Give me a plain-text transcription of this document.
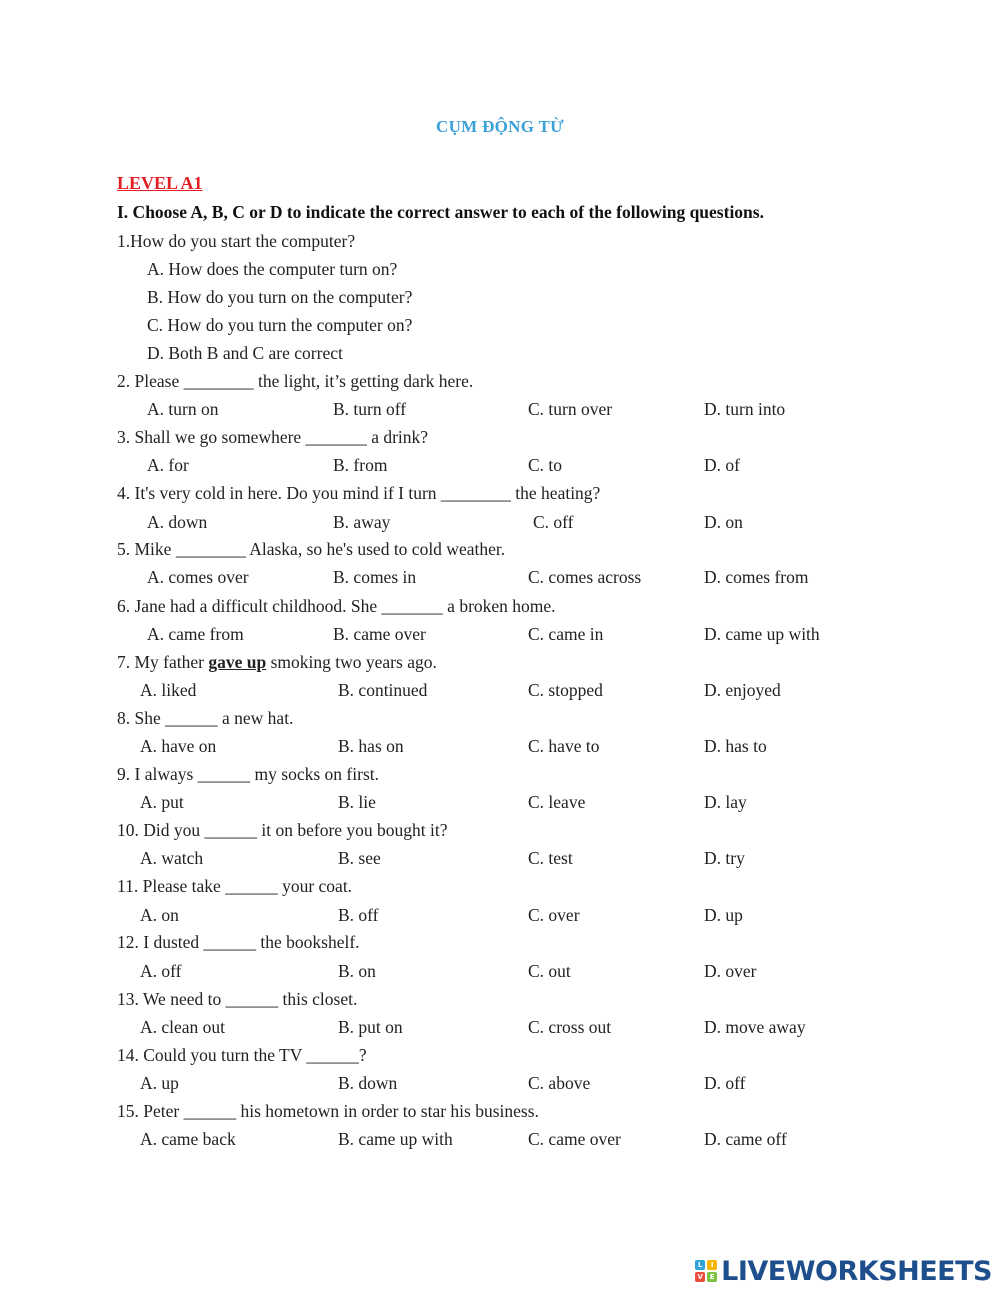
CỤM ĐỘNG TỪ
LEVEL A1
I. Choose A, B, C or D to indicate the correct answer to each of the following questions.
1.How do you start the computer?
A. How does the computer turn on?
B. How do you turn on the computer?
C. How do you turn the computer on?
D. Both B and C are correct
2. Please ________ the light, it’s getting dark here.
A. turn on	B. turn off	C. turn over	D. turn into
3. Shall we go somewhere _______ a drink?
A. for	B. from	C. to	D. of
4. It's very cold in here. Do you mind if I turn ________ the heating?
A. down	B. away	C. off	D. on
5. Mike ________ Alaska, so he's used to cold weather.
A. comes over	B. comes in	C. comes across	D. comes from
6. Jane had a difficult childhood. She _______ a broken home.
A. came from	B. came over	C. came in	D. came up with
7. My father gave up smoking two years ago.
A. liked	B. continued	C. stopped	D. enjoyed
8. She ______ a new hat.
A. have on	B. has on	C. have to	D. has to
9. I always ______ my socks on first.
A. put	B. lie	C. leave	D. lay
10. Did you ______ it on before you bought it?
A. watch	B. see	C. test	D. try
11. Please take ______ your coat.
A. on	B. off	C. over	D. up
12. I dusted ______ the bookshelf.
A. off	B. on	C. out	D. over
13. We need to ______ this closet.
A. clean out	B. put on	C. cross out	D. move away
14. Could you turn the TV ______?
A. up	B. down	C. above	D. off
15. Peter ______ his hometown in order to star his business.
A. came back	B. came up with	C. came over	D. came off
L	I
V E LIVEWORKSHEETS
